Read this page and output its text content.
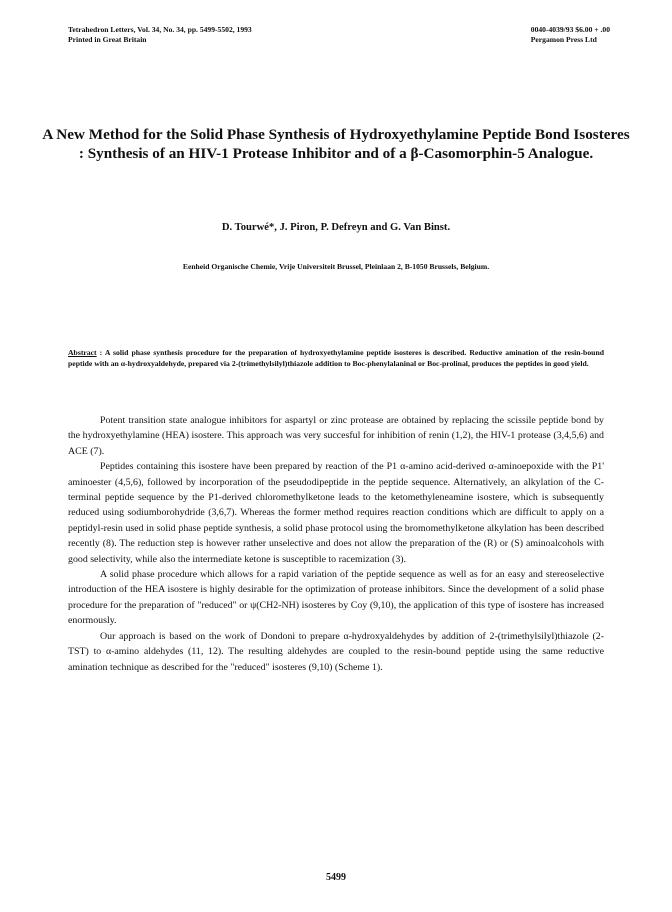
Tetrahedron Letters, Vol. 34, No. 34, pp. 5499-5502, 1993
Printed in Great Britain
0040-4039/93 $6.00 + .00
Pergamon Press Ltd
A New Method for the Solid Phase Synthesis of Hydroxyethylamine Peptide Bond Isosteres : Synthesis of an HIV-1 Protease Inhibitor and of a β-Casomorphin-5 Analogue.
D. Tourwé*, J. Piron, P. Defreyn and G. Van Binst.
Eenheid Organische Chemie, Vrije Universiteit Brussel, Pleinlaan 2, B-1050 Brussels, Belgium.
Abstract : A solid phase synthesis procedure for the preparation of hydroxyethylamine peptide isosteres is described. Reductive amination of the resin-bound peptide with an α-hydroxyaldehyde, prepared via 2-(trimethylsilyl)thiazole addition to Boc-phenylalaninal or Boc-prolinal, produces the peptides in good yield.

Potent transition state analogue inhibitors for aspartyl or zinc protease are obtained by replacing the scissile peptide bond by the hydroxyethylamine (HEA) isostere. This approach was very succesful for inhibition of renin (1,2), the HIV-1 protease (3,4,5,6) and ACE (7).

Peptides containing this isostere have been prepared by reaction of the P1 α-amino acid-derived α-aminoepoxide with the P1' aminoester (4,5,6), followed by incorporation of the pseudodipeptide in the peptide sequence. Alternatively, an alkylation of the C-terminal peptide sequence by the P1-derived chloromethylketone leads to the ketomethyleneamine isostere, which is subsequently reduced using sodiumborohydride (3,6,7). Whereas the former method requires reaction conditions which are difficult to apply on a peptidyl-resin used in solid phase peptide synthesis, a solid phase protocol using the bromomethylketone alkylation has been described recently (8). The reduction step is however rather unselective and does not allow the preparation of the (R) or (S) aminoalcohols with good selectivity, while also the intermediate ketone is susceptible to racemization (3).

A solid phase procedure which allows for a rapid variation of the peptide sequence as well as for an easy and stereoselective introduction of the HEA isostere is highly desirable for the optimization of protease inhibitors. Since the development of a solid phase procedure for the preparation of "reduced" or ψ(CH2-NH) isosteres by Coy (9,10), the application of this type of isostere has increased enormously.

Our approach is based on the work of Dondoni to prepare α-hydroxyaldehydes by addition of 2-(trimethylsilyl)thiazole (2-TST) to α-amino aldehydes (11, 12). The resulting aldehydes are coupled to the resin-bound peptide using the same reductive amination technique as described for the "reduced" isosteres (9,10) (Scheme 1).

5499
